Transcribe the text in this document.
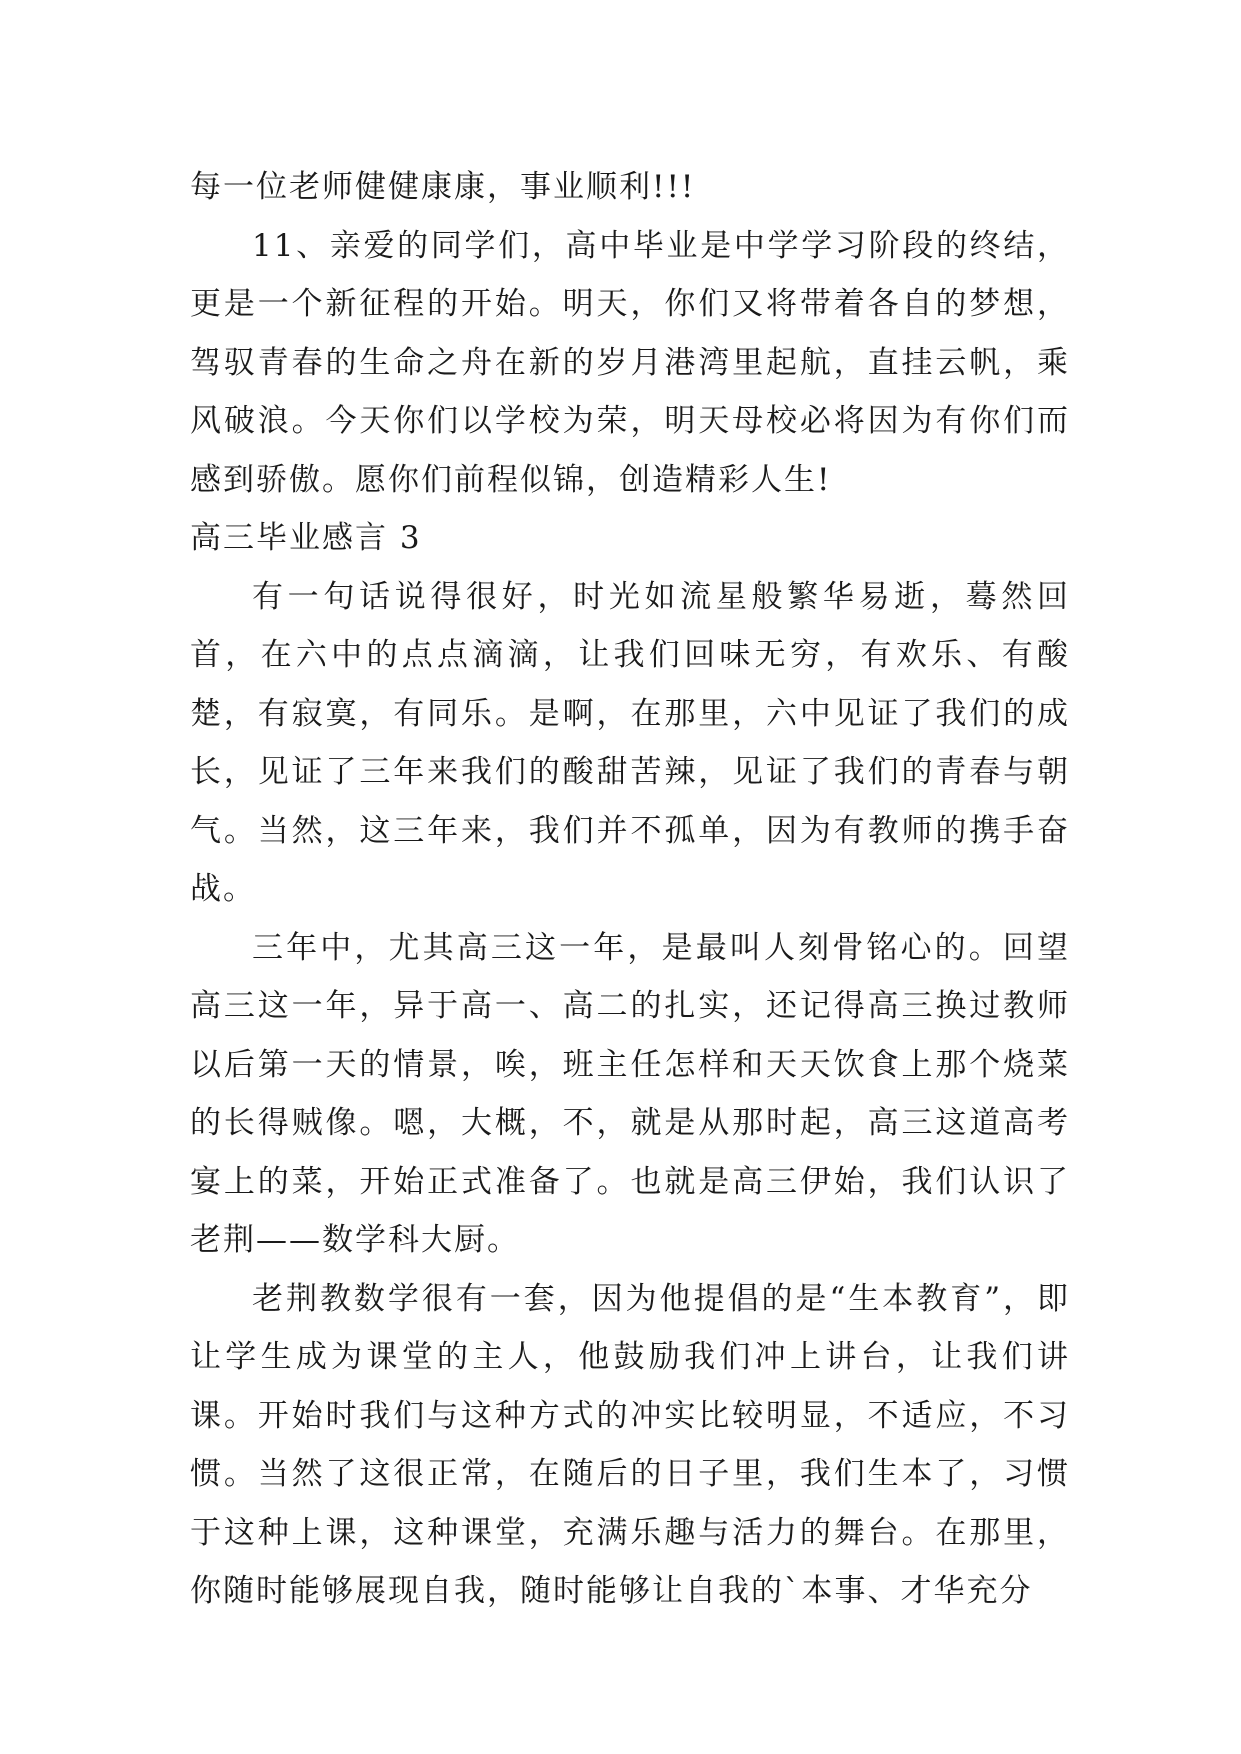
每一位老师健健康康，事业顺利!!!

11、亲爱的同学们，高中毕业是中学学习阶段的终结，更是一个新征程的开始。明天，你们又将带着各自的梦想，驾驭青春的生命之舟在新的岁月港湾里起航，直挂云帆，乘风破浪。今天你们以学校为荣，明天母校必将因为有你们而感到骄傲。愿你们前程似锦，创造精彩人生!

高三毕业感言 3

有一句话说得很好，时光如流星般繁华易逝，蓦然回首，在六中的点点滴滴，让我们回味无穷，有欢乐、有酸楚，有寂寞，有同乐。是啊，在那里，六中见证了我们的成长，见证了三年来我们的酸甜苦辣，见证了我们的青春与朝气。当然，这三年来，我们并不孤单，因为有教师的携手奋战。

三年中，尤其高三这一年，是最叫人刻骨铭心的。回望高三这一年，异于高一、高二的扎实，还记得高三换过教师以后第一天的情景，唉，班主任怎样和天天饮食上那个烧菜的长得贼像。嗯，大概，不，就是从那时起，高三这道高考宴上的菜，开始正式准备了。也就是高三伊始，我们认识了老荆——数学科大厨。

老荆教数学很有一套，因为他提倡的是“生本教育”，即让学生成为课堂的主人，他鼓励我们冲上讲台，让我们讲课。开始时我们与这种方式的冲实比较明显，不适应，不习惯。当然了这很正常，在随后的日子里，我们生本了，习惯于这种上课，这种课堂，充满乐趣与活力的舞台。在那里，你随时能够展现自我，随时能够让自我的`本事、才华充分
